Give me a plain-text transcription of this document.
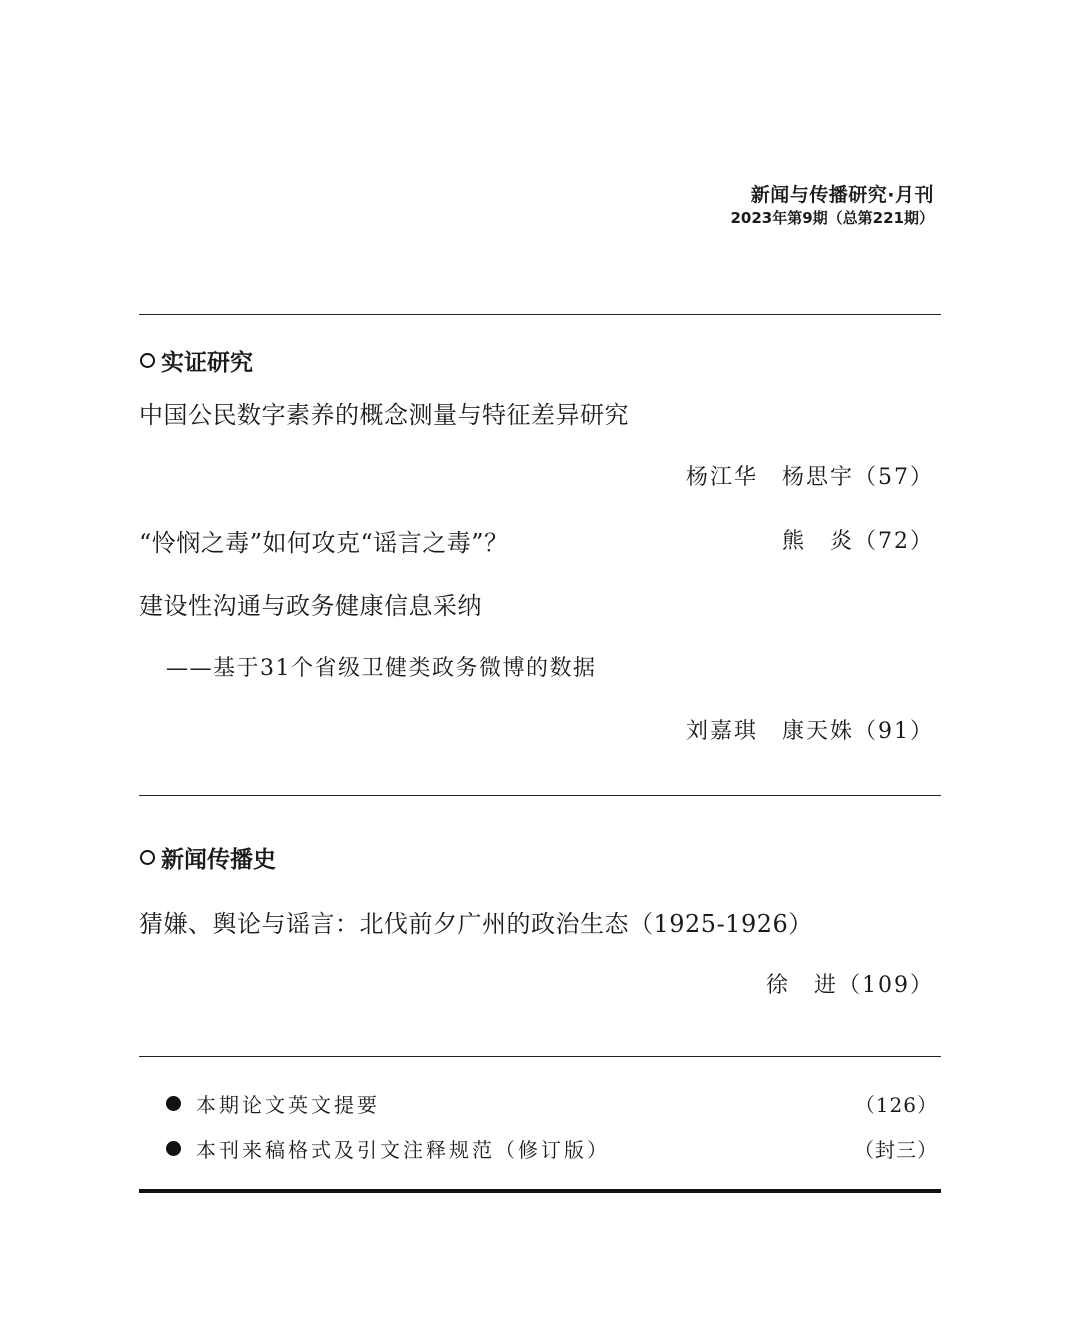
新闻与传播研究·月刊
2023年第9期（总第221期）
实证研究
中国公民数字素养的概念测量与特征差异研究
杨江华　杨思宇（57）
“怜悯之毒”如何攻克“谣言之毒”？	熊　炎（72）
建设性沟通与政务健康信息采纳
——基于31个省级卫健类政务微博的数据
刘嘉琪　康天姝（91）
新闻传播史
猜嫌、舆论与谣言：北伐前夕广州的政治生态（1925-1926）
徐　进（109）
本期论文英文提要	（126）
本刊来稿格式及引文注释规范（修订版）	（封三）
